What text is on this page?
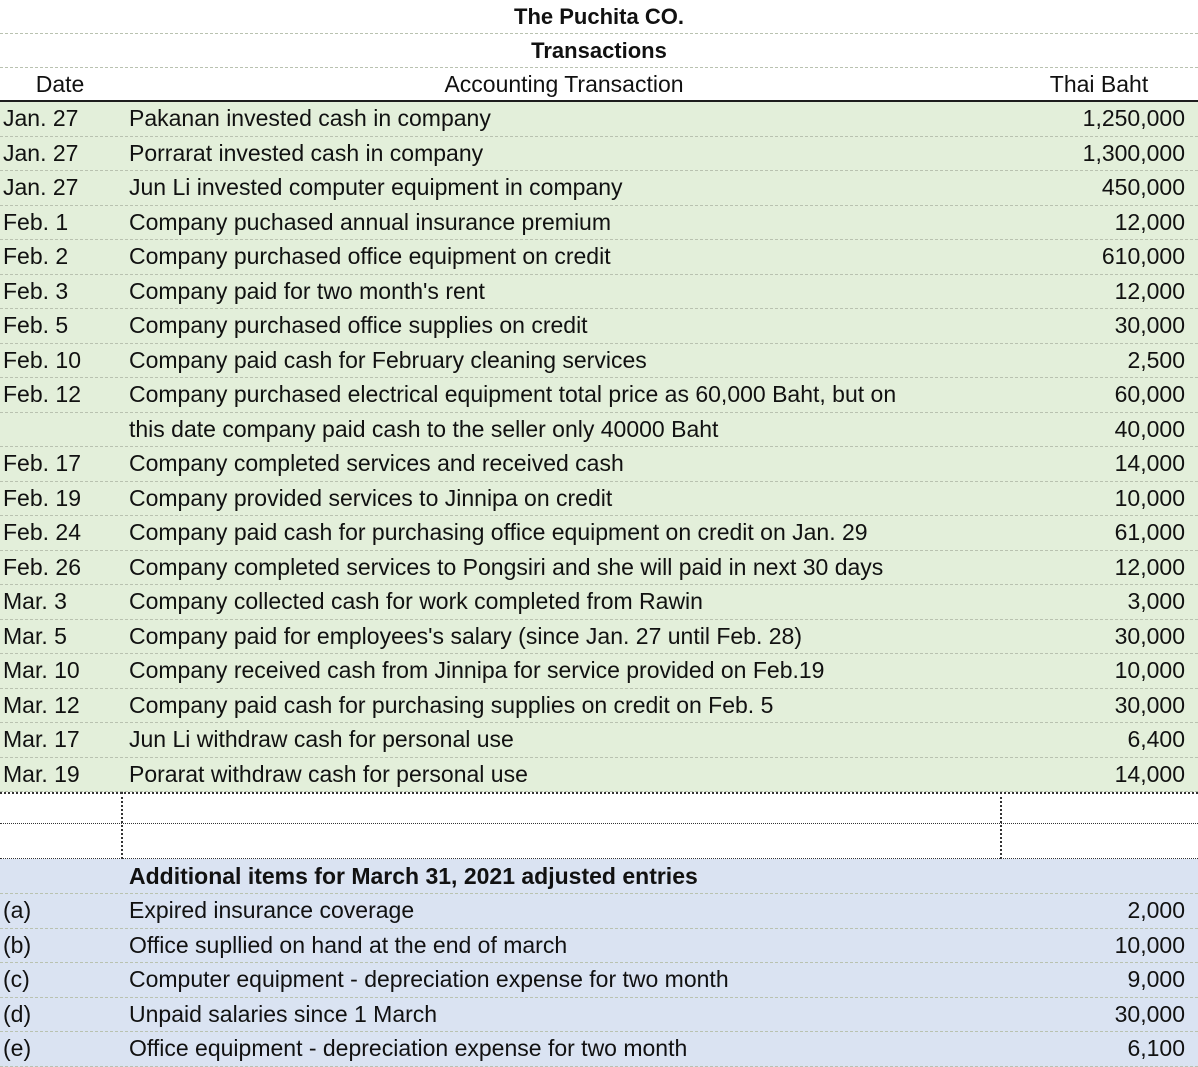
The Puchita CO.
Transactions
Date	Accounting Transaction	Thai Baht
Jan. 27	Pakanan invested cash in company	1,250,000
Jan. 27	Porrarat invested cash in company	1,300,000
Jan. 27	Jun Li invested computer equipment in company	450,000
Feb. 1	Company puchased annual insurance premium	12,000
Feb. 2	Company purchased office equipment on credit	610,000
Feb. 3	Company paid for two month's rent	12,000
Feb. 5	Company purchased office supplies on credit	30,000
Feb. 10	Company paid cash for February cleaning services	2,500
Feb. 12	Company purchased electrical equipment total price as 60,000 Baht, but on	60,000
this date company paid cash to the seller only 40000 Baht	40,000
Feb. 17	Company completed services and received cash	14,000
Feb. 19	Company provided services to Jinnipa on credit	10,000
Feb. 24	Company paid cash for purchasing office equipment on credit on Jan. 29	61,000
Feb. 26	Company completed services to Pongsiri and she will paid in next 30 days	12,000
Mar. 3	Company collected cash for work completed from Rawin	3,000
Mar. 5	Company paid for employees's salary (since Jan. 27 until Feb. 28)	30,000
Mar. 10	Company received cash from Jinnipa for service provided on Feb.19	10,000
Mar. 12	Company paid cash for purchasing supplies on credit on Feb. 5	30,000
Mar. 17	Jun Li withdraw cash for personal use	6,400
Mar. 19	Porarat withdraw cash for personal use	14,000
Additional items for March 31, 2021 adjusted entries
(a)	Expired insurance coverage	2,000
(b)	Office supllied on hand at the end of march	10,000
(c)	Computer equipment - depreciation expense for two month	9,000
(d)	Unpaid salaries since 1 March	30,000
(e)	Office equipment - depreciation expense for two month	6,100
